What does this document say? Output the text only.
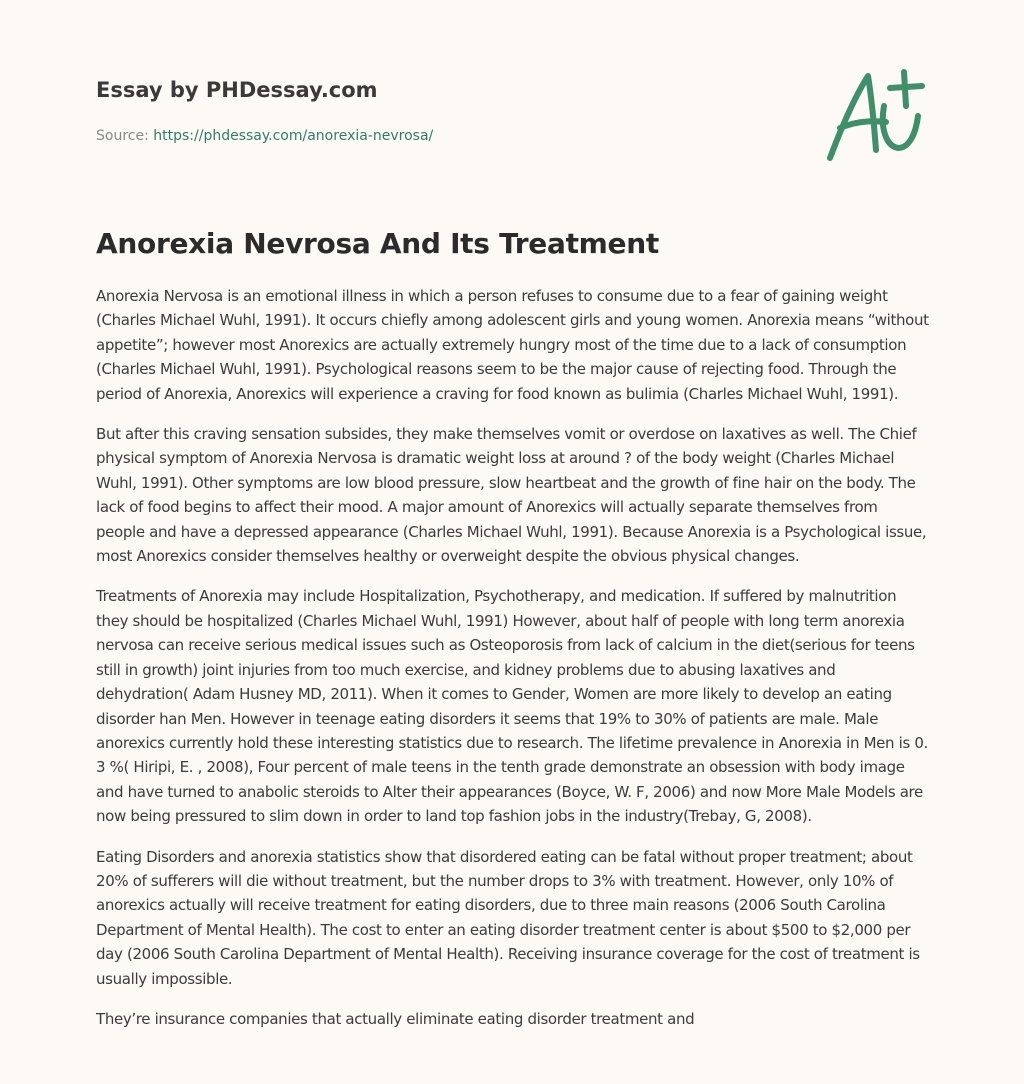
Essay by PHDessay.com
Source: https://phdessay.com/anorexia-nevrosa/
Anorexia Nevrosa And Its Treatment

Anorexia Nervosa is an emotional illness in which a person refuses to consume due to a fear of gaining weight (Charles Michael Wuhl, 1991). It occurs chiefly among adolescent girls and young women. Anorexia means “without appetite”; however most Anorexics are actually extremely hungry most of the time due to a lack of consumption (Charles Michael Wuhl, 1991). Psychological reasons seem to be the major cause of rejecting food. Through the period of Anorexia, Anorexics will experience a craving for food known as bulimia (Charles Michael Wuhl, 1991).

But after this craving sensation subsides, they make themselves vomit or overdose on laxatives as well. The Chief physical symptom of Anorexia Nervosa is dramatic weight loss at around ? of the body weight (Charles Michael Wuhl, 1991). Other symptoms are low blood pressure, slow heartbeat and the growth of fine hair on the body. The lack of food begins to affect their mood. A major amount of Anorexics will actually separate themselves from people and have a depressed appearance (Charles Michael Wuhl, 1991). Because Anorexia is a Psychological issue, most Anorexics consider themselves healthy or overweight despite the obvious physical changes.

Treatments of Anorexia may include Hospitalization, Psychotherapy, and medication. If suffered by malnutrition they should be hospitalized (Charles Michael Wuhl, 1991) However, about half of people with long term anorexia nervosa can receive serious medical issues such as Osteoporosis from lack of calcium in the diet(serious for teens still in growth) joint injuries from too much exercise, and kidney problems due to abusing laxatives and dehydration( Adam Husney MD, 2011). When it comes to Gender, Women are more likely to develop an eating disorder han Men. However in teenage eating disorders it seems that 19% to 30% of patients are male. Male anorexics currently hold these interesting statistics due to research. The lifetime prevalence in Anorexia in Men is 0. 3 %( Hiripi, E. , 2008), Four percent of male teens in the tenth grade demonstrate an obsession with body image and have turned to anabolic steroids to Alter their appearances (Boyce, W. F, 2006) and now More Male Models are now being pressured to slim down in order to land top fashion jobs in the industry(Trebay, G, 2008).

Eating Disorders and anorexia statistics show that disordered eating can be fatal without proper treatment; about 20% of sufferers will die without treatment, but the number drops to 3% with treatment. However, only 10% of anorexics actually will receive treatment for eating disorders, due to three main reasons (2006 South Carolina Department of Mental Health). The cost to enter an eating disorder treatment center is about $500 to $2,000 per day (2006 South Carolina Department of Mental Health). Receiving insurance coverage for the cost of treatment is usually impossible.

They’re insurance companies that actually eliminate eating disorder treatment and
